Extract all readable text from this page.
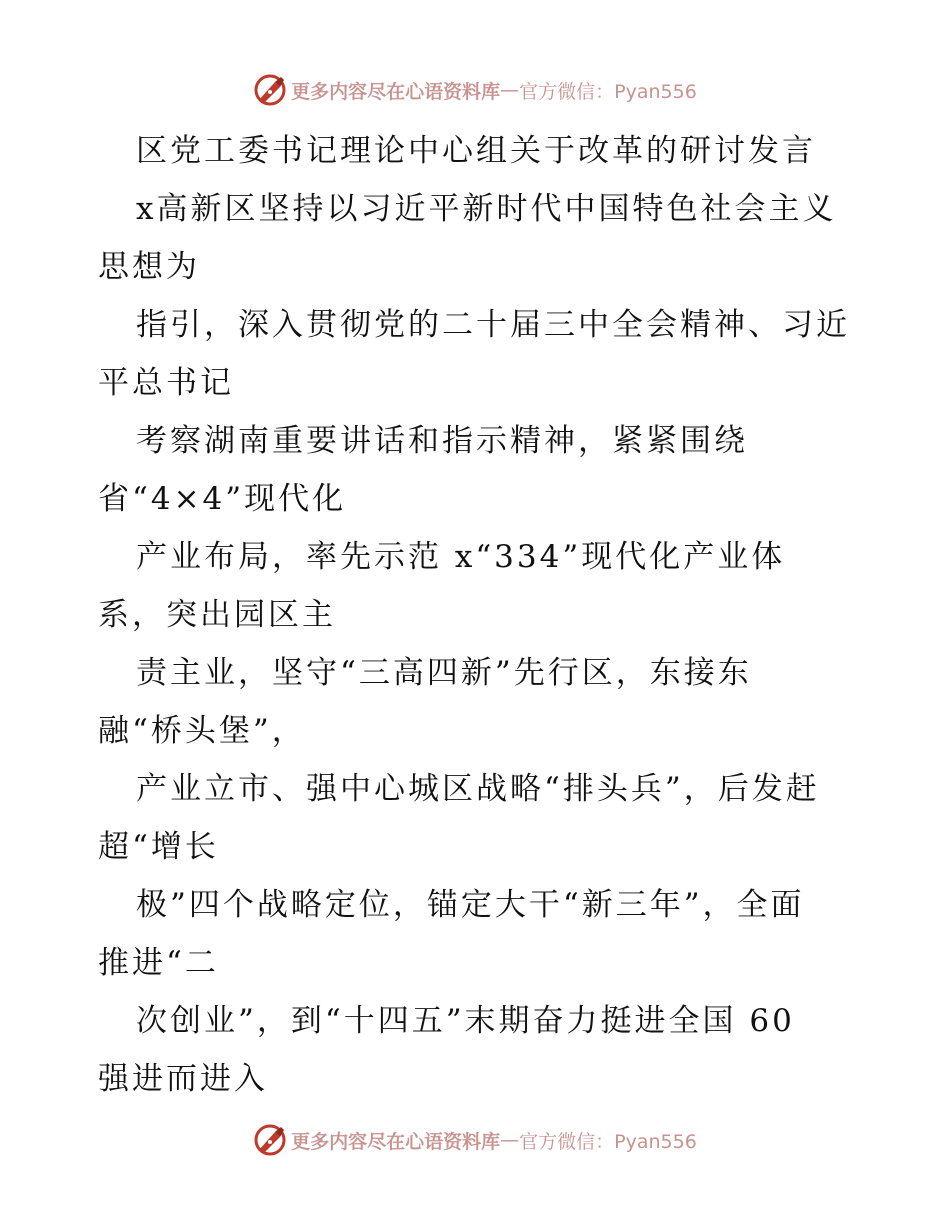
更多内容尽在心语资料库 — 官方微信：Pyan556
区党工委书记理论中心组关于改革的研讨发言
x高新区坚持以习近平新时代中国特色社会主义
思想为
指引，深入贯彻党的二十届三中全会精神、习近
平总书记
考察湖南重要讲话和指示精神，紧紧围绕
省“4×4”现代化
产业布局，率先示范 x“334”现代化产业体
系，突出园区主
责主业，坚守“三高四新”先行区，东接东
融“桥头堡”，
产业立市、强中心城区战略“排头兵”，后发赶
超“增长
极”四个战略定位，锚定大干“新三年”，全面
推进“二
次创业”，到“十四五”末期奋力挺进全国 60
强进而进入
更多内容尽在心语资料库 — 官方微信：Pyan556
